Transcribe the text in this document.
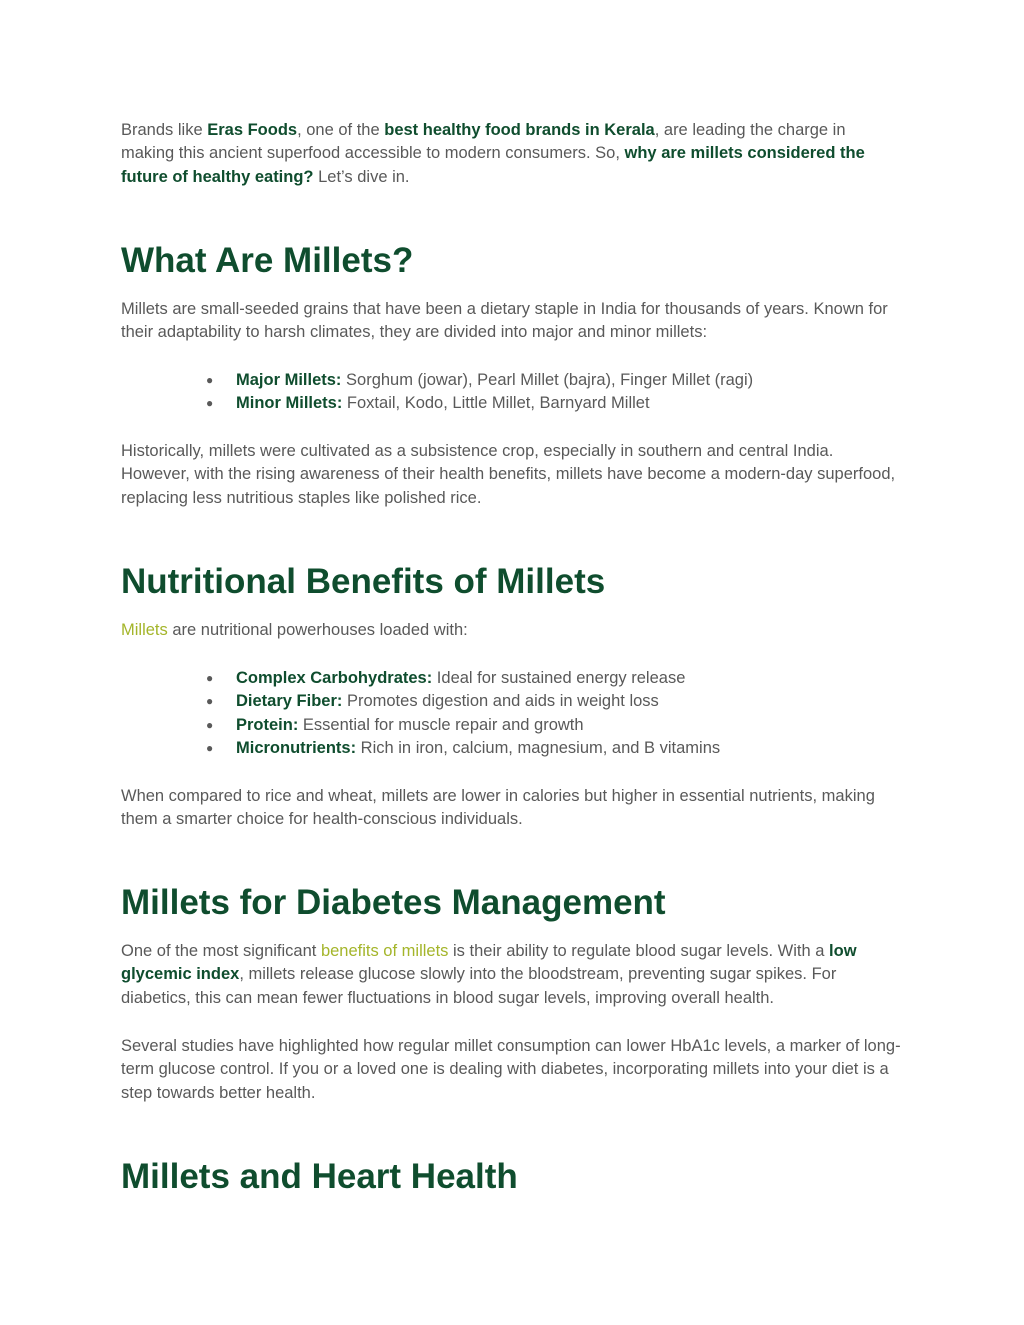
Brands like Eras Foods, one of the best healthy food brands in Kerala, are leading the charge in making this ancient superfood accessible to modern consumers. So, why are millets considered the future of healthy eating? Let’s dive in.

What Are Millets?

Millets are small-seeded grains that have been a dietary staple in India for thousands of years. Known for their adaptability to harsh climates, they are divided into major and minor millets:

● Major Millets: Sorghum (jowar), Pearl Millet (bajra), Finger Millet (ragi)
● Minor Millets: Foxtail, Kodo, Little Millet, Barnyard Millet

Historically, millets were cultivated as a subsistence crop, especially in southern and central India. However, with the rising awareness of their health benefits, millets have become a modern-day superfood, replacing less nutritious staples like polished rice.

Nutritional Benefits of Millets

Millets are nutritional powerhouses loaded with:

● Complex Carbohydrates: Ideal for sustained energy release
● Dietary Fiber: Promotes digestion and aids in weight loss
● Protein: Essential for muscle repair and growth
● Micronutrients: Rich in iron, calcium, magnesium, and B vitamins

When compared to rice and wheat, millets are lower in calories but higher in essential nutrients, making them a smarter choice for health-conscious individuals.

Millets for Diabetes Management

One of the most significant benefits of millets is their ability to regulate blood sugar levels. With a low glycemic index, millets release glucose slowly into the bloodstream, preventing sugar spikes. For diabetics, this can mean fewer fluctuations in blood sugar levels, improving overall health.

Several studies have highlighted how regular millet consumption can lower HbA1c levels, a marker of long-term glucose control. If you or a loved one is dealing with diabetes, incorporating millets into your diet is a step towards better health.

Millets and Heart Health
